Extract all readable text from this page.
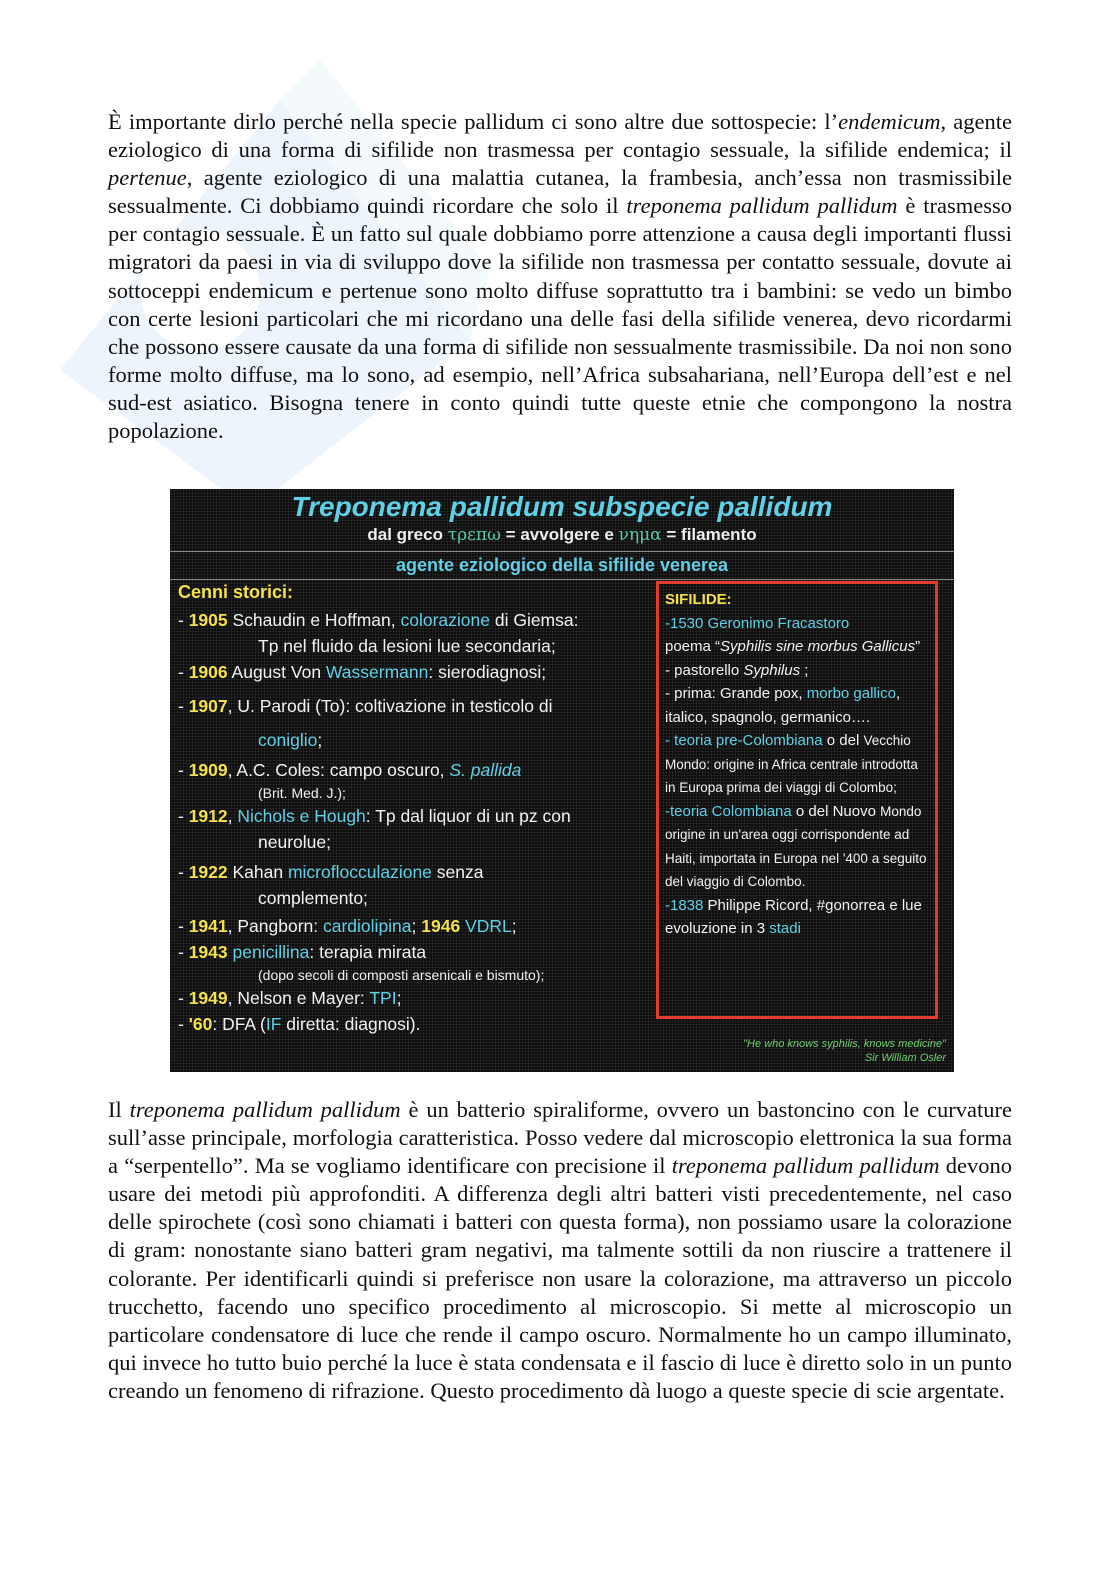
È importante dirlo perché nella specie pallidum ci sono altre due sottospecie: l’endemicum, agente eziologico di una forma di sifilide non trasmessa per contagio sessuale, la sifilide endemica; il pertenue, agente eziologico di una malattia cutanea, la frambesia, anch’essa non trasmissibile sessualmente. Ci dobbiamo quindi ricordare che solo il treponema pallidum pallidum è trasmesso per contagio sessuale. È un fatto sul quale dobbiamo porre attenzione a causa degli importanti flussi migratori da paesi in via di sviluppo dove la sifilide non trasmessa per contatto sessuale, dovute ai sottoceppi endemicum e pertenue sono molto diffuse soprattutto tra i bambini: se vedo un bimbo con certe lesioni particolari che mi ricordano una delle fasi della sifilide venerea, devo ricordarmi che possono essere causate da una forma di sifilide non sessualmente trasmissibile. Da noi non sono forme molto diffuse, ma lo sono, ad esempio, nell’Africa subsahariana, nell’Europa dell’est e nel sud-est asiatico. Bisogna tenere in conto quindi tutte queste etnie che compongono la nostra popolazione.

Treponema pallidum subspecie pallidum
dal greco τρεπω = avvolgere e νημα = filamento
agente eziologico della sifilide venerea
Cenni storici:
- 1905 Schaudin e Hoffman, colorazione di Giemsa:
Tp nel fluido da lesioni lue secondaria;
- 1906 August Von Wassermann: sierodiagnosi;
- 1907, U. Parodi (To): coltivazione in testicolo di
coniglio;
- 1909, A.C. Coles: campo oscuro, S. pallida
(Brit. Med. J.);
- 1912, Nichols e Hough: Tp dal liquor di un pz con
neurolue;
- 1922 Kahan microflocculazione senza
complemento;
- 1941, Pangborn: cardiolipina; 1946 VDRL;
- 1943 penicillina: terapia mirata
(dopo secoli di composti arsenicali e bismuto);
- 1949, Nelson e Mayer: TPI;
- '60: DFA (IF diretta: diagnosi).
SIFILIDE:
-1530 Geronimo Fracastoro
poema “Syphilis sine morbus Gallicus” - pastorello Syphilus ;
- prima: Grande pox, morbo gallico, italico, spagnolo, germanico….
- teoria pre-Colombiana o del Vecchio Mondo: origine in Africa centrale introdotta in Europa prima dei viaggi di Colombo;
-teoria Colombiana o del Nuovo Mondo origine in un'area oggi corrispondente ad Haiti, importata in Europa nel '400 a seguito del viaggio di Colombo.
-1838 Philippe Ricord, #gonorrea e lue evoluzione in 3 stadi
"He who knows syphilis, knows medicine"
Sir William Osler

Il treponema pallidum pallidum è un batterio spiraliforme, ovvero un bastoncino con le curvature sull’asse principale, morfologia caratteristica. Posso vedere dal microscopio elettronica la sua forma a “serpentello”. Ma se vogliamo identificare con precisione il treponema pallidum pallidum devono usare dei metodi più approfonditi. A differenza degli altri batteri visti precedentemente, nel caso delle spirochete (così sono chiamati i batteri con questa forma), non possiamo usare la colorazione di gram: nonostante siano batteri gram negativi, ma talmente sottili da non riuscire a trattenere il colorante. Per identificarli quindi si preferisce non usare la colorazione, ma attraverso un piccolo trucchetto, facendo uno specifico procedimento al microscopio. Si mette al microscopio un particolare condensatore di luce che rende il campo oscuro. Normalmente ho un campo illuminato, qui invece ho tutto buio perché la luce è stata condensata e il fascio di luce è diretto solo in un punto creando un fenomeno di rifrazione. Questo procedimento dà luogo a queste specie di scie argentate.
